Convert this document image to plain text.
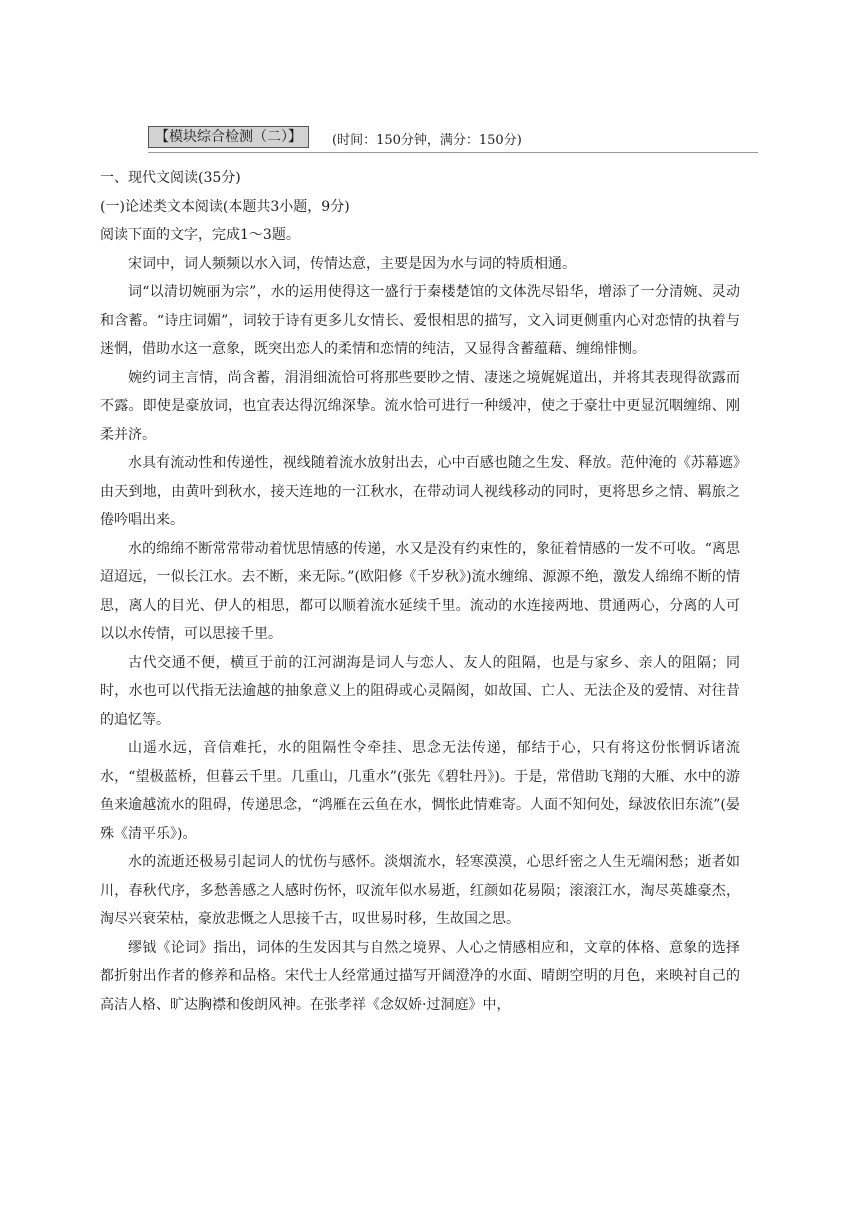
【模块综合检测（二）】	(时间：150分钟，满分：150分)

一、现代文阅读(35分)

(一)论述类文本阅读(本题共3小题，9分)

阅读下面的文字，完成1～3题。

宋词中，词人频频以水入词，传情达意，主要是因为水与词的特质相通。

词“以清切婉丽为宗”，水的运用使得这一盛行于秦楼楚馆的文体洗尽铅华，增添了一分清婉、灵动和含蓄。“诗庄词媚”，词较于诗有更多儿女情长、爱恨相思的描写，文入词更侧重内心对恋情的执着与迷惘，借助水这一意象，既突出恋人的柔情和恋情的纯洁，又显得含蓄蕴藉、缠绵悱恻。

婉约词主言情，尚含蓄，涓涓细流恰可将那些要眇之情、凄迷之境娓娓道出，并将其表现得欲露而不露。即使是豪放词，也宜表达得沉绵深挚。流水恰可进行一种缓冲，使之于豪壮中更显沉咽缠绵、刚柔并济。

水具有流动性和传递性，视线随着流水放射出去，心中百感也随之生发、释放。范仲淹的《苏幕遮》由天到地，由黄叶到秋水，接天连地的一江秋水，在带动词人视线移动的同时，更将思乡之情、羁旅之倦吟唱出来。

水的绵绵不断常常带动着忧思情感的传递，水又是没有约束性的，象征着情感的一发不可收。“离思迢迢远，一似长江水。去不断，来无际。”(欧阳修《千岁秋》)流水缠绵、源源不绝，激发人绵绵不断的情思，离人的目光、伊人的相思，都可以顺着流水延续千里。流动的水连接两地、贯通两心，分离的人可以以水传情，可以思接千里。

古代交通不便，横亘于前的江河湖海是词人与恋人、友人的阻隔，也是与家乡、亲人的阻隔；同时，水也可以代指无法逾越的抽象意义上的阻碍或心灵隔阂，如故国、亡人、无法企及的爱情、对往昔的追忆等。

山遥水远，音信难托，水的阻隔性令牵挂、思念无法传递，郁结于心，只有将这份怅惘诉诸流水，“望极蓝桥，但暮云千里。几重山，几重水”(张先《碧牡丹》)。于是，常借助飞翔的大雁、水中的游鱼来逾越流水的阻碍，传递思念，“鸿雁在云鱼在水，惆怅此情难寄。人面不知何处，绿波依旧东流”(晏殊《清平乐》)。

水的流逝还极易引起词人的忧伤与感怀。淡烟流水，轻寒漠漠，心思纤密之人生无端闲愁；逝者如川，春秋代序，多愁善感之人感时伤怀，叹流年似水易逝，红颜如花易陨；滚滚江水，淘尽英雄豪杰，淘尽兴衰荣枯，豪放悲慨之人思接千古，叹世易时移，生故国之思。

缪钺《论词》指出，词体的生发因其与自然之境界、人心之情感相应和，文章的体格、意象的选择都折射出作者的修养和品格。宋代士人经常通过描写开阔澄净的水面、晴朗空明的月色，来映衬自己的高洁人格、旷达胸襟和俊朗风神。在张孝祥《念奴娇·过洞庭》中，
